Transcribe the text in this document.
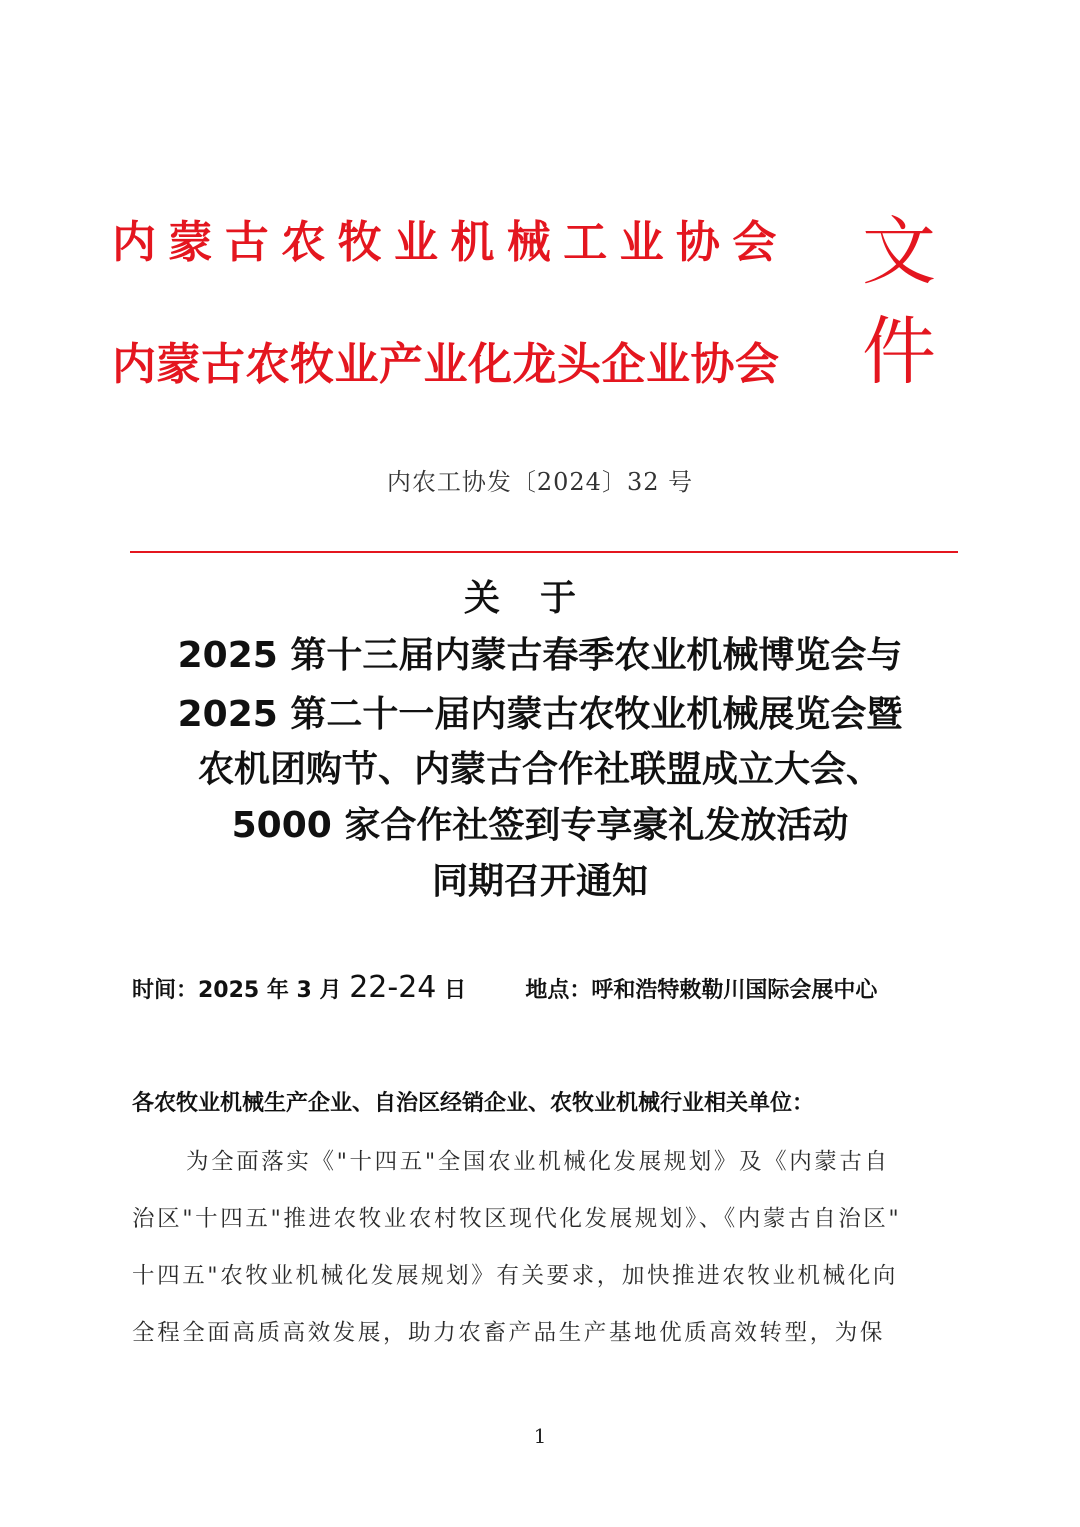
内蒙古农牧业机械工业协会
内蒙古农牧业产业化龙头企业协会
文
件
内农工协发〔2024〕32 号
关于
2025 第十三届内蒙古春季农业机械博览会与
2025 第二十一届内蒙古农牧业机械展览会暨
农机团购节、内蒙古合作社联盟成立大会、
5000 家合作社签到专享豪礼发放活动
同期召开通知
时间：2025 年 3 月 22-24 日	地点：呼和浩特敕勒川国际会展中心
各农牧业机械生产企业、自治区经销企业、农牧业机械行业相关单位：
为全面落实《"十四五"全国农业机械化发展规划》及《内蒙古自
治区"十四五"推进农牧业农村牧区现代化发展规划》、《内蒙古自治区"
十四五"农牧业机械化发展规划》有关要求，加快推进农牧业机械化向
全程全面高质高效发展，助力农畜产品生产基地优质高效转型，为保
1
